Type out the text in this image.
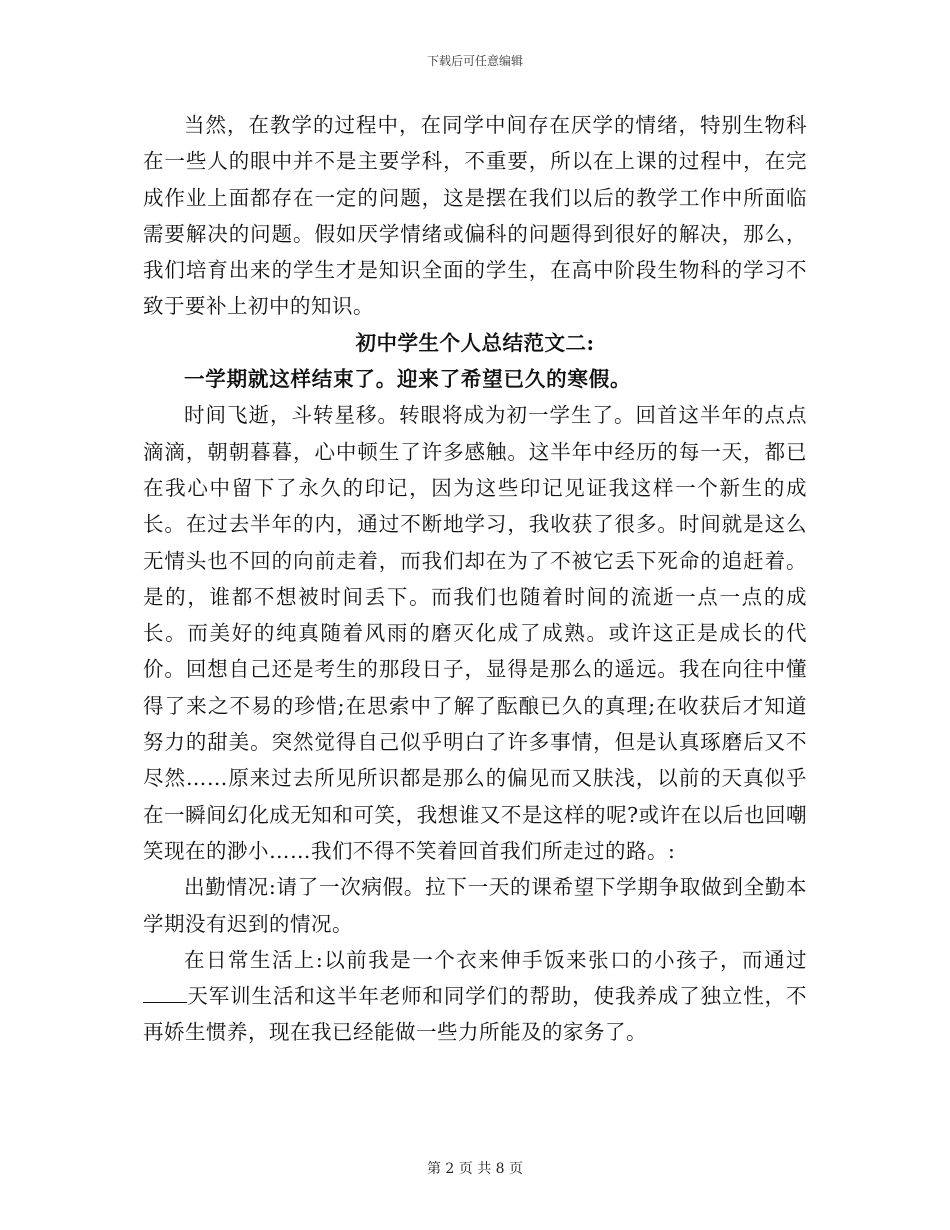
下载后可任意编辑

当然，在教学的过程中，在同学中间存在厌学的情绪，特别生物科在一些人的眼中并不是主要学科，不重要，所以在上课的过程中，在完成作业上面都存在一定的问题，这是摆在我们以后的教学工作中所面临需要解决的问题。假如厌学情绪或偏科的问题得到很好的解决，那么，我们培育出来的学生才是知识全面的学生，在高中阶段生物科的学习不致于要补上初中的知识。

初中学生个人总结范文二:

一学期就这样结束了。迎来了希望已久的寒假。

时间飞逝，斗转星移。转眼将成为初一学生了。回首这半年的点点滴滴，朝朝暮暮，心中顿生了许多感触。这半年中经历的每一天，都已在我心中留下了永久的印记，因为这些印记见证我这样一个新生的成长。在过去半年的内，通过不断地学习，我收获了很多。时间就是这么无情头也不回的向前走着，而我们却在为了不被它丢下死命的追赶着。是的，谁都不想被时间丢下。而我们也随着时间的流逝一点一点的成长。而美好的纯真随着风雨的磨灭化成了成熟。或许这正是成长的代价。回想自己还是考生的那段日子，显得是那么的遥远。我在向往中懂得了来之不易的珍惜;在思索中了解了酝酿已久的真理;在收获后才知道努力的甜美。突然觉得自己似乎明白了许多事情，但是认真琢磨后又不尽然……原来过去所见所识都是那么的偏见而又肤浅，以前的天真似乎在一瞬间幻化成无知和可笑，我想谁又不是这样的呢?或许在以后也回嘲笑现在的渺小……我们不得不笑着回首我们所走过的路。:

出勤情况:请了一次病假。拉下一天的课希望下学期争取做到全勤本学期没有迟到的情况。

在日常生活上:以前我是一个衣来伸手饭来张口的小孩子，而通过天军训生活和这半年老师和同学们的帮助，使我养成了独立性，不再娇生惯养，现在我已经能做一些力所能及的家务了。

第 2 页 共 8 页
